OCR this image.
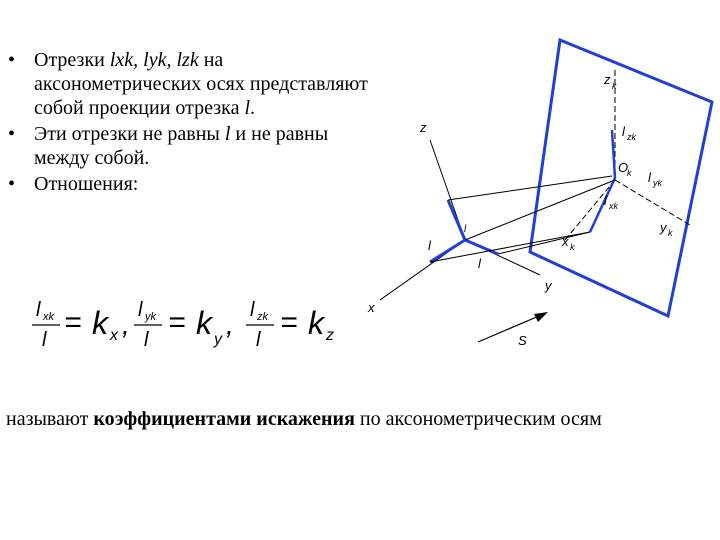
• Отрезки lxk, lyk, lzk на аксонометрических осях представляют собой проекции отрезка l.
• Эти отрезки не равны l и не равны между собой.
• Отношения:
l xk
l
= k x , l yk
l
= k y , l zk
l
= k z
z k
l zk
O
k l yk
l xk
y k
x k
z
l
l
l
y
x
S
называют коэффициентами искажения по аксонометрическим осям
